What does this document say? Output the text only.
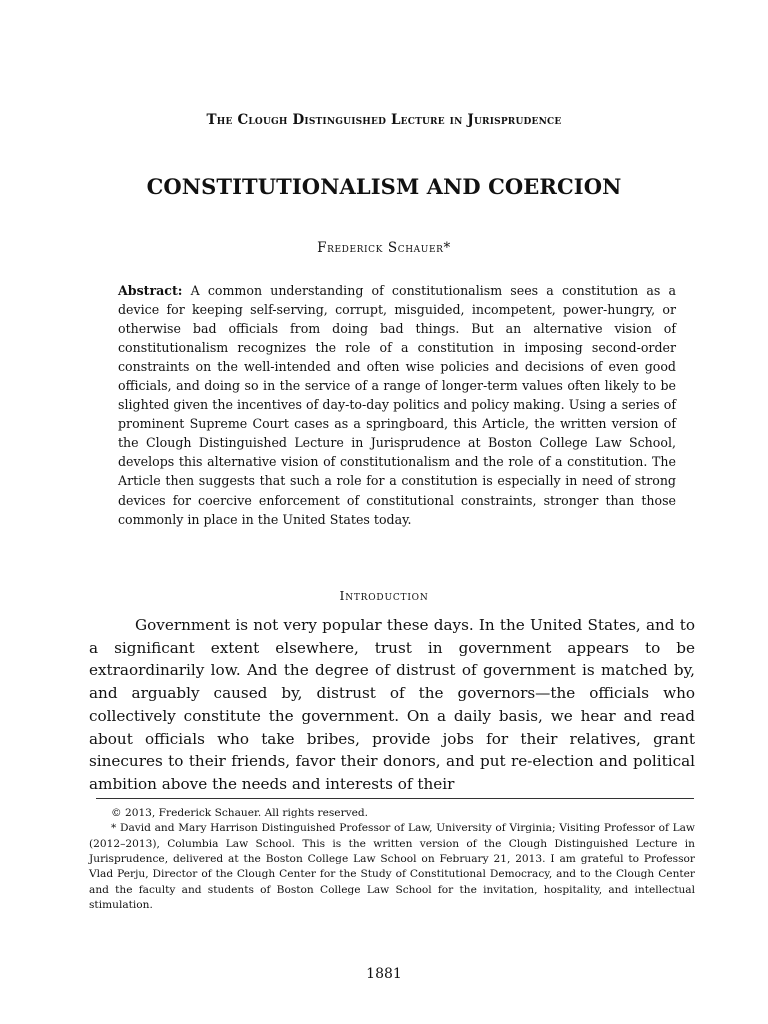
The Clough Distinguished Lecture in Jurisprudence
CONSTITUTIONALISM AND COERCION
Frederick Schauer*
Abstract: A common understanding of constitutionalism sees a constitution as a device for keeping self-serving, corrupt, misguided, incompetent, power-hungry, or otherwise bad officials from doing bad things. But an alternative vision of constitutionalism recognizes the role of a constitution in imposing second-order constraints on the well-intended and often wise policies and decisions of even good officials, and doing so in the service of a range of longer-term values often likely to be slighted given the incentives of day-to-day politics and policy making. Using a series of prominent Supreme Court cases as a springboard, this Article, the written version of the Clough Distinguished Lecture in Jurisprudence at Boston College Law School, develops this alternative vision of constitutionalism and the role of a constitution. The Article then suggests that such a role for a constitution is especially in need of strong devices for coercive enforcement of constitutional constraints, stronger than those commonly in place in the United States today.
Introduction
Government is not very popular these days. In the United States, and to a significant extent elsewhere, trust in government appears to be extraordinarily low. And the degree of distrust of government is matched by, and arguably caused by, distrust of the governors—the officials who collectively constitute the government. On a daily basis, we hear and read about officials who take bribes, provide jobs for their relatives, grant sinecures to their friends, favor their donors, and put re-election and political ambition above the needs and interests of their

© 2013, Frederick Schauer. All rights reserved.

* David and Mary Harrison Distinguished Professor of Law, University of Virginia; Visiting Professor of Law (2012–2013), Columbia Law School. This is the written version of the Clough Distinguished Lecture in Jurisprudence, delivered at the Boston College Law School on February 21, 2013. I am grateful to Professor Vlad Perju, Director of the Clough Center for the Study of Constitutional Democracy, and to the Clough Center and the faculty and students of Boston College Law School for the invitation, hospitality, and intellectual stimulation.

1881
